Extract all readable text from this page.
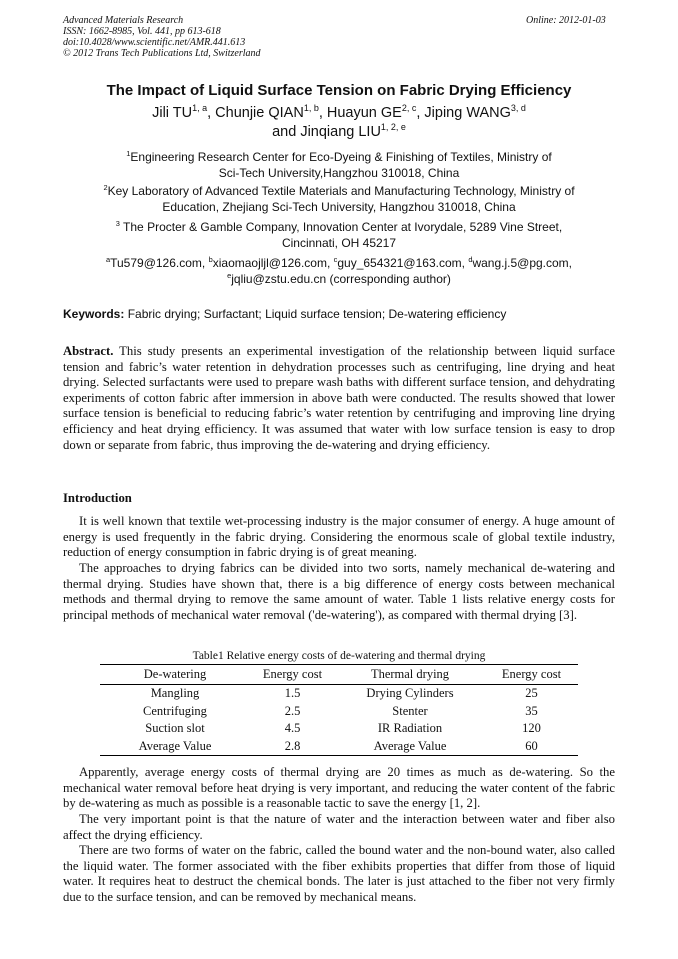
Advanced Materials Research
ISSN: 1662-8985, Vol. 441, pp 613-618
doi:10.4028/www.scientific.net/AMR.441.613
© 2012 Trans Tech Publications Ltd, Switzerland
Online: 2012-01-03
The Impact of Liquid Surface Tension on Fabric Drying Efficiency
Jili TU$^{1, a}$, Chunjie QIAN$^{1, b}$, Huayun GE$^{2, c}$, Jiping WANG$^{3, d}$
and Jinqiang LIU$^{1, 2, e}$
$^1$Engineering Research Center for Eco-Dyeing & Finishing of Textiles, Ministry of
Sci-Tech University,Hangzhou 310018, China
$^2$Key Laboratory of Advanced Textile Materials and Manufacturing Technology, Ministry of
Education, Zhejiang Sci-Tech University, Hangzhou 310018, China
$^3$ The Procter & Gamble Company, Innovation Center at Ivorydale, 5289 Vine Street,
Cincinnati, OH 45217
$^a$Tu579@126.com, $^b$xiaomaojljl@126.com, $^c$guy_654321@163.com, $^d$wang.j.5@pg.com,
$^e$jqliu@zstu.edu.cn (corresponding author)
Keywords: Fabric drying; Surfactant; Liquid surface tension; De-watering efficiency
Abstract. This study presents an experimental investigation of the relationship between liquid surface tension and fabric’s water retention in dehydration processes such as centrifuging, line drying and heat drying. Selected surfactants were used to prepare wash baths with different surface tension, and dehydrating experiments of cotton fabric after immersion in above bath were conducted. The results showed that lower surface tension is beneficial to reducing fabric’s water retention by centrifuging and improving line drying efficiency and heat drying efficiency. It was assumed that water with low surface tension is easy to drop down or separate from fabric, thus improving the de-watering and drying efficiency.
Introduction

It is well known that textile wet-processing industry is the major consumer of energy. A huge amount of energy is used frequently in the fabric drying. Considering the enormous scale of global textile industry, reduction of energy consumption in fabric drying is of great meaning.

The approaches to drying fabrics can be divided into two sorts, namely mechanical de-watering and thermal drying. Studies have shown that, there is a big difference of energy costs between mechanical methods and thermal drying to remove the same amount of water. Table 1 lists relative energy costs for principal methods of mechanical water removal ('de-watering'), as compared with thermal drying [3].

Table1 Relative energy costs of de-watering and thermal drying
De-watering	Energy cost	Thermal drying	Energy cost
Mangling	1.5	Drying Cylinders	25
Centrifuging	2.5	Stenter	35
Suction slot	4.5	IR Radiation	120
Average Value	2.8	Average Value	60

Apparently, average energy costs of thermal drying are 20 times as much as de-watering. So the mechanical water removal before heat drying is very important, and reducing the water content of the fabric by de-watering as much as possible is a reasonable tactic to save the energy [1, 2].

The very important point is that the nature of water and the interaction between water and fiber also affect the drying efficiency.

There are two forms of water on the fabric, called the bound water and the non-bound water, also called the liquid water. The former associated with the fiber exhibits properties that differ from those of liquid water. It requires heat to destruct the chemical bonds. The later is just attached to the fiber not very firmly due to the surface tension, and can be removed by mechanical means.
